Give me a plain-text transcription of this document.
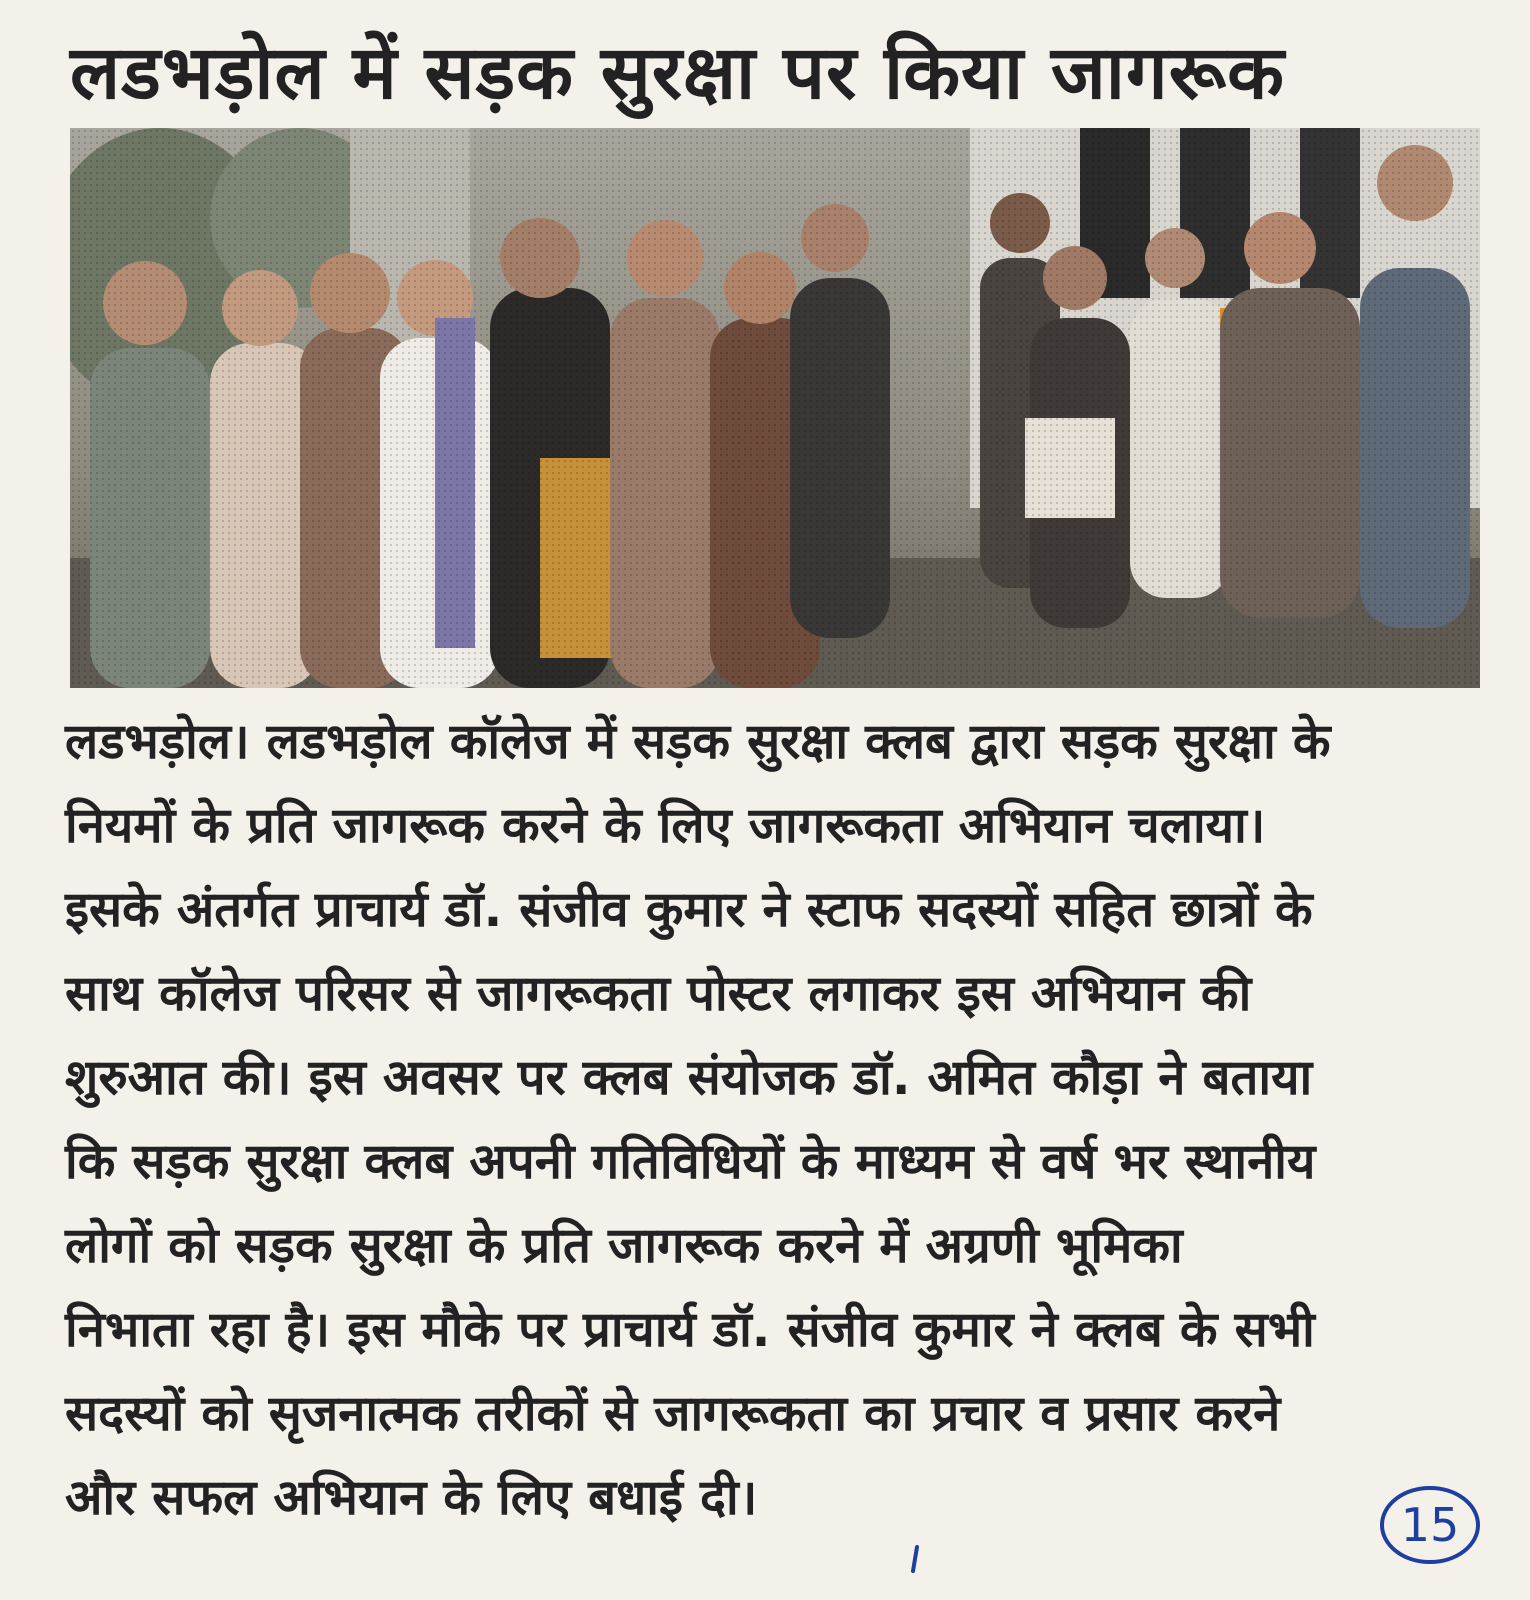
लडभड़ोल में सड़क सुरक्षा पर किया जागरूक

लडभड़ोल। लडभड़ोल कॉलेज में सड़क सुरक्षा क्लब द्वारा सड़क सुरक्षा के

नियमों के प्रति जागरूक करने के लिए जागरूकता अभियान चलाया।

इसके अंतर्गत प्राचार्य डॉ. संजीव कुमार ने स्टाफ सदस्यों सहित छात्रों के

साथ कॉलेज परिसर से जागरूकता पोस्टर लगाकर इस अभियान की

शुरुआत की। इस अवसर पर क्लब संयोजक डॉ. अमित कौड़ा ने बताया

कि सड़क सुरक्षा क्लब अपनी गतिविधियों के माध्यम से वर्ष भर स्थानीय

लोगों को सड़क सुरक्षा के प्रति जागरूक करने में अग्रणी भूमिका

निभाता रहा है। इस मौके पर प्राचार्य डॉ. संजीव कुमार ने क्लब के सभी

सदस्यों को सृजनात्मक तरीकों से जागरूकता का प्रचार व प्रसार करने

और सफल अभियान के लिए बधाई दी।	15
